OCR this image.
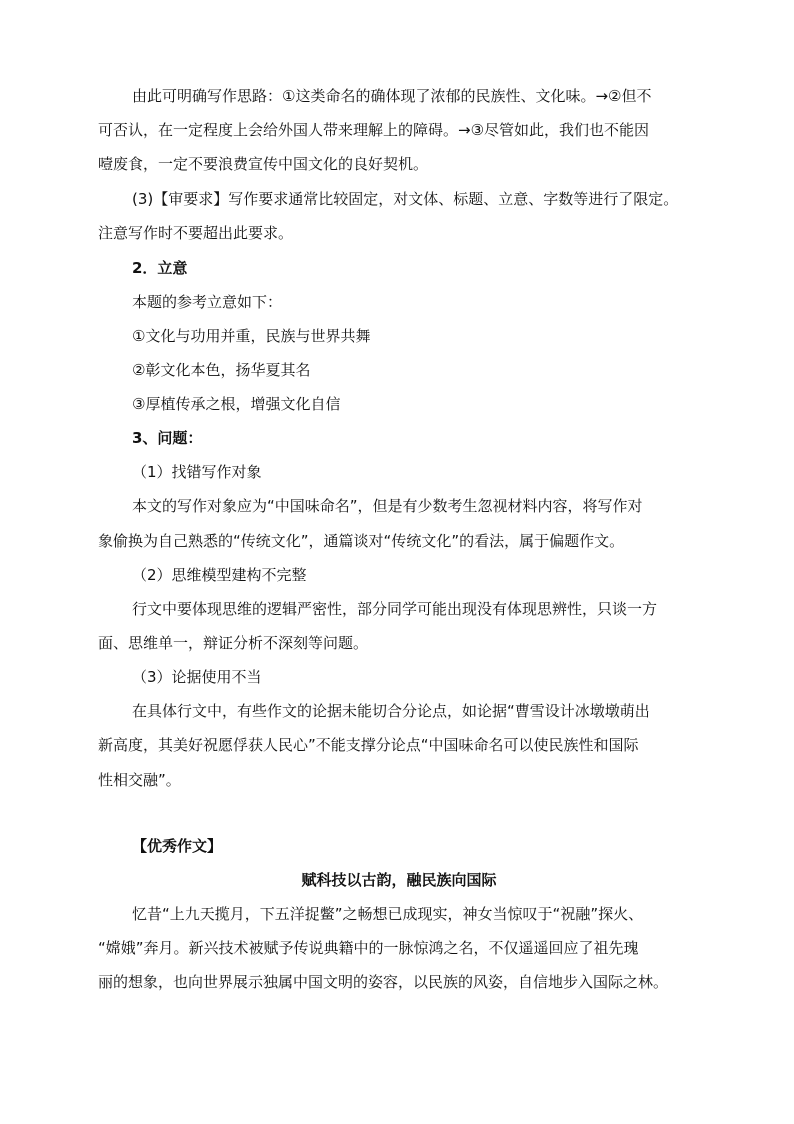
由此可明确写作思路：①这类命名的确体现了浓郁的民族性、文化味。→②但不
可否认，在一定程度上会给外国人带来理解上的障碍。→③尽管如此，我们也不能因
噎废食，一定不要浪费宣传中国文化的良好契机。
(3)【审要求】写作要求通常比较固定，对文体、标题、立意、字数等进行了限定。
注意写作时不要超出此要求。
2．立意
本题的参考立意如下：
①文化与功用并重，民族与世界共舞
②彰文化本色，扬华夏其名
③厚植传承之根，增强文化自信
3、问题：
（1）找错写作对象
本文的写作对象应为“中国味命名”，但是有少数考生忽视材料内容，将写作对
象偷换为自己熟悉的“传统文化”，通篇谈对“传统文化”的看法，属于偏题作文。
（2）思维模型建构不完整
行文中要体现思维的逻辑严密性，部分同学可能出现没有体现思辨性，只谈一方
面、思维单一，辩证分析不深刻等问题。
（3）论据使用不当
在具体行文中，有些作文的论据未能切合分论点，如论据“曹雪设计冰墩墩萌出
新高度，其美好祝愿俘获人民心”不能支撑分论点“中国味命名可以使民族性和国际
性相交融”。
【优秀作文】
赋科技以古韵，融民族向国际
忆昔“上九天揽月，下五洋捉鳖”之畅想已成现实，神女当惊叹于“祝融”探火、
“嫦娥”奔月。新兴技术被赋予传说典籍中的一脉惊鸿之名，不仅遥遥回应了祖先瑰
丽的想象，也向世界展示独属中国文明的姿容，以民族的风姿，自信地步入国际之林。
